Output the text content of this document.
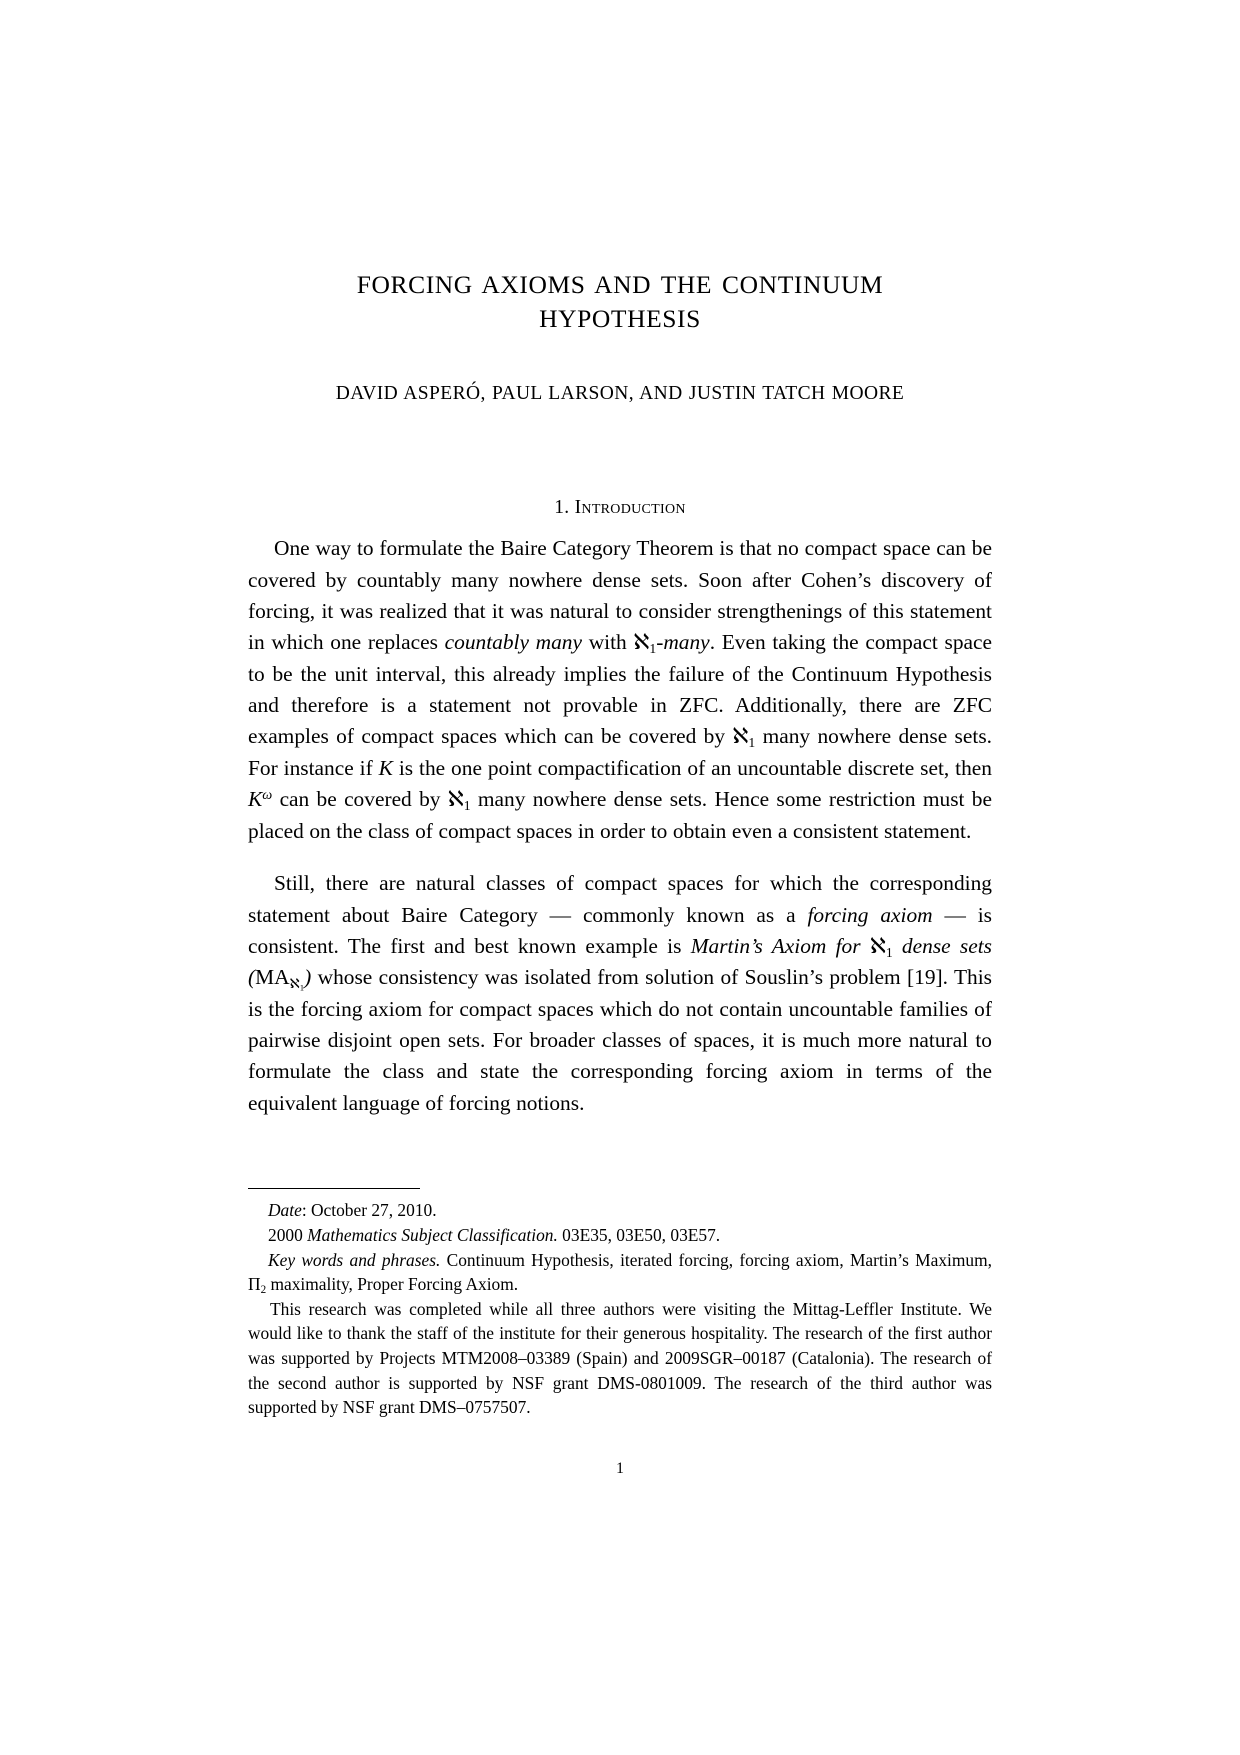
FORCING AXIOMS AND THE CONTINUUM
HYPOTHESIS
DAVID ASPERÓ, PAUL LARSON, AND JUSTIN TATCH MOORE
1. Introduction

One way to formulate the Baire Category Theorem is that no compact space can be covered by countably many nowhere dense sets. Soon after Cohen’s discovery of forcing, it was realized that it was natural to consider strengthenings of this statement in which one replaces countably many with ℵ$_1$-many. Even taking the compact space to be the unit interval, this already implies the failure of the Continuum Hypothesis and therefore is a statement not provable in ZFC. Additionally, there are ZFC examples of compact spaces which can be covered by ℵ$_1$ many nowhere dense sets. For instance if K is the one point compactification of an uncountable discrete set, then $K^\omega$ can be covered by ℵ$_1$ many nowhere dense sets. Hence some restriction must be placed on the class of compact spaces in order to obtain even a consistent statement.

Still, there are natural classes of compact spaces for which the corresponding statement about Baire Category — commonly known as a forcing axiom — is consistent. The first and best known example is Martin’s Axiom for ℵ$_1$ dense sets $(MA_{ℵ_1})$ whose consistency was isolated from solution of Souslin’s problem [19]. This is the forcing axiom for compact spaces which do not contain uncountable families of pairwise disjoint open sets. For broader classes of spaces, it is much more natural to formulate the class and state the corresponding forcing axiom in terms of the equivalent language of forcing notions.

Date: October 27, 2010.
2000 Mathematics Subject Classification. 03E35, 03E50, 03E57.
Key words and phrases. Continuum Hypothesis, iterated forcing, forcing axiom, Martin’s Maximum, $\Pi_2$ maximality, Proper Forcing Axiom.
This research was completed while all three authors were visiting the Mittag-Leffler Institute. We would like to thank the staff of the institute for their generous hospitality. The research of the first author was supported by Projects MTM2008–03389 (Spain) and 2009SGR–00187 (Catalonia). The research of the second author is supported by NSF grant DMS-0801009. The research of the third author was supported by NSF grant DMS–0757507.
1
